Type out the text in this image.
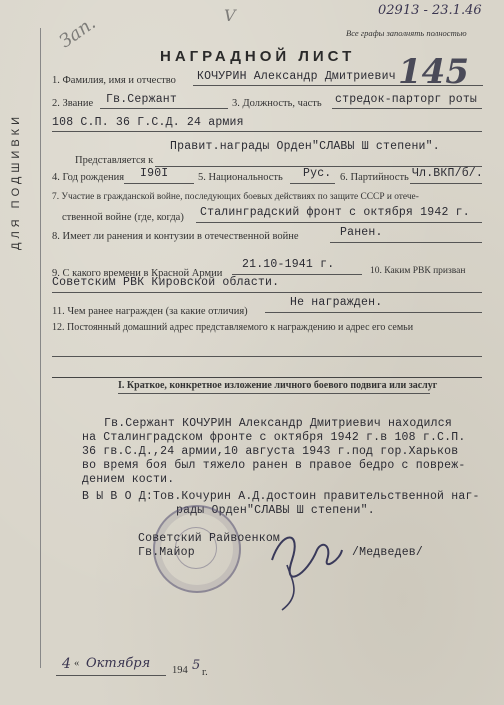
ДЛЯ ПОДШИВКИ
02913 - 23.1.46
Все графы заполнять полностью
Зап.	V
НАГРАДНОЙ ЛИСТ 145
1. Фамилия, имя и отчество КОЧУРИН Александр Дмитриевич
2. Звание Гв.Сержант	3. Должность, часть стредок-парторг роты
108 С.П. 36 Г.С.Д. 24 армия
Правит.награды Орден"СЛАВЫ Ш степени".
Представляется к
4. Год рождения I90I	5. Национальность Рус. 6. Партийность Чл.ВКП/б/.
7. Участие в гражданской войне, последующих боевых действиях по защите СССР и отече-
ственной войне (где, когда) Сталинградский фронт с октября 1942 г.
8. Имеет ли ранения и контузии в отечественной войне	Ранен.
9. С какого времени в Красной Армии
21.10-1941 г.	10. Каким РВК призван
Советским РВК Кировской области.
11. Чем ранее награжден (за какие отличия)
Не награжден.
12. Постоянный домашний адрес представляемого к награждению и адрес его семьи
I. Краткое, конкретное изложение личного боевого подвига или заслуг
Гв.Сержант КОЧУРИН Александр Дмитриевич находился
на Сталинградском фронте с октября 1942 г.в 108 г.С.П.
36 гв.С.Д.,24 армии,10 августа 1943 г.под гор.Харьков
во время боя был тяжело ранен в правое бедро с повреж-
дением кости.
В Ы В О Д:Тов.Кочурин А.Д.достоин правительственной наг-
рады Орден"СЛАВЫ Ш степени".
Советский Райвоенком
Гв.Майор	/Медведев/
4 « Октября 194 5 г.
